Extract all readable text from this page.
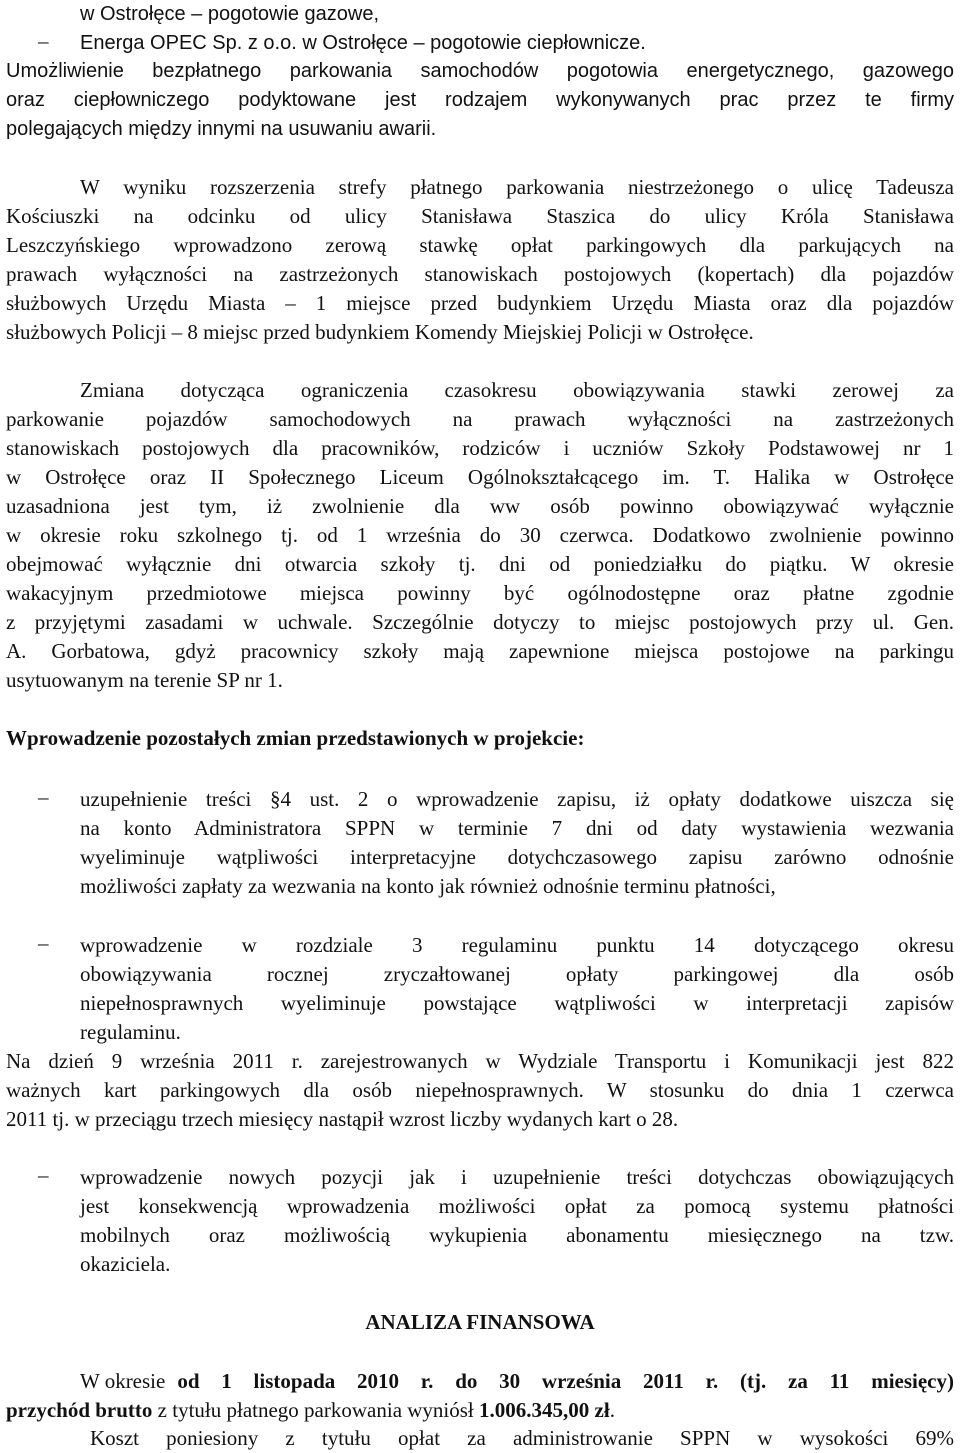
w Ostrołęce – pogotowie gazowe,
– Energa OPEC Sp. z o.o. w Ostrołęce – pogotowie ciepłownicze.
Umożliwienie bezpłatnego parkowania samochodów pogotowia energetycznego, gazowego
oraz ciepłowniczego podyktowane jest rodzajem wykonywanych prac przez te firmy
polegających między innymi na usuwaniu awarii.
W wyniku rozszerzenia strefy płatnego parkowania niestrzeżonego o ulicę Tadeusza
Kościuszki na odcinku od ulicy Stanisława Staszica do ulicy Króla Stanisława
Leszczyńskiego wprowadzono zerową stawkę opłat parkingowych dla parkujących na
prawach wyłączności na zastrzeżonych stanowiskach postojowych (kopertach) dla pojazdów
służbowych Urzędu Miasta – 1 miejsce przed budynkiem Urzędu Miasta oraz dla pojazdów
służbowych Policji – 8 miejsc przed budynkiem Komendy Miejskiej Policji w Ostrołęce.
Zmiana dotycząca ograniczenia czasokresu obowiązywania stawki zerowej za
parkowanie pojazdów samochodowych na prawach wyłączności na zastrzeżonych
stanowiskach postojowych dla pracowników, rodziców i uczniów Szkoły Podstawowej nr 1
w Ostrołęce oraz II Społecznego Liceum Ogólnokształcącego im. T. Halika w Ostrołęce
uzasadniona jest tym, iż zwolnienie dla ww osób powinno obowiązywać wyłącznie
w okresie roku szkolnego tj. od 1 września do 30 czerwca. Dodatkowo zwolnienie powinno
obejmować wyłącznie dni otwarcia szkoły tj. dni od poniedziałku do piątku. W okresie
wakacyjnym przedmiotowe miejsca powinny być ogólnodostępne oraz płatne zgodnie
z przyjętymi zasadami w uchwale. Szczególnie dotyczy to miejsc postojowych przy ul. Gen.
A. Gorbatowa, gdyż pracownicy szkoły mają zapewnione miejsca postojowe na parkingu
usytuowanym na terenie SP nr 1.
Wprowadzenie pozostałych zmian przedstawionych w projekcie:
– uzupełnienie treści §4 ust. 2 o wprowadzenie zapisu, iż opłaty dodatkowe uiszcza się
na konto Administratora SPPN w terminie 7 dni od daty wystawienia wezwania
wyeliminuje wątpliwości interpretacyjne dotychczasowego zapisu zarówno odnośnie
możliwości zapłaty za wezwania na konto jak również odnośnie terminu płatności,
– wprowadzenie w rozdziale 3 regulaminu punktu 14 dotyczącego okresu
obowiązywania rocznej zryczałtowanej opłaty parkingowej dla osób
niepełnosprawnych wyeliminuje powstające wątpliwości w interpretacji zapisów
regulaminu.
Na dzień 9 września 2011 r. zarejestrowanych w Wydziale Transportu i Komunikacji jest 822
ważnych kart parkingowych dla osób niepełnosprawnych. W stosunku do dnia 1 czerwca
2011 tj. w przeciągu trzech miesięcy nastąpił wzrost liczby wydanych kart o 28.
– wprowadzenie nowych pozycji jak i uzupełnienie treści dotychczas obowiązujących
jest konsekwencją wprowadzenia możliwości opłat za pomocą systemu płatności
mobilnych oraz możliwością wykupienia abonamentu miesięcznego na tzw.
okaziciela.
ANALIZA FINANSOWA
W okresie od 1 listopada 2010 r. do 30 września 2011 r. (tj. za 11 miesięcy)
przychód brutto z tytułu płatnego parkowania wyniósł 1.006.345,00 zł.
Koszt poniesiony z tytułu opłat za administrowanie SPPN w wysokości 69%
